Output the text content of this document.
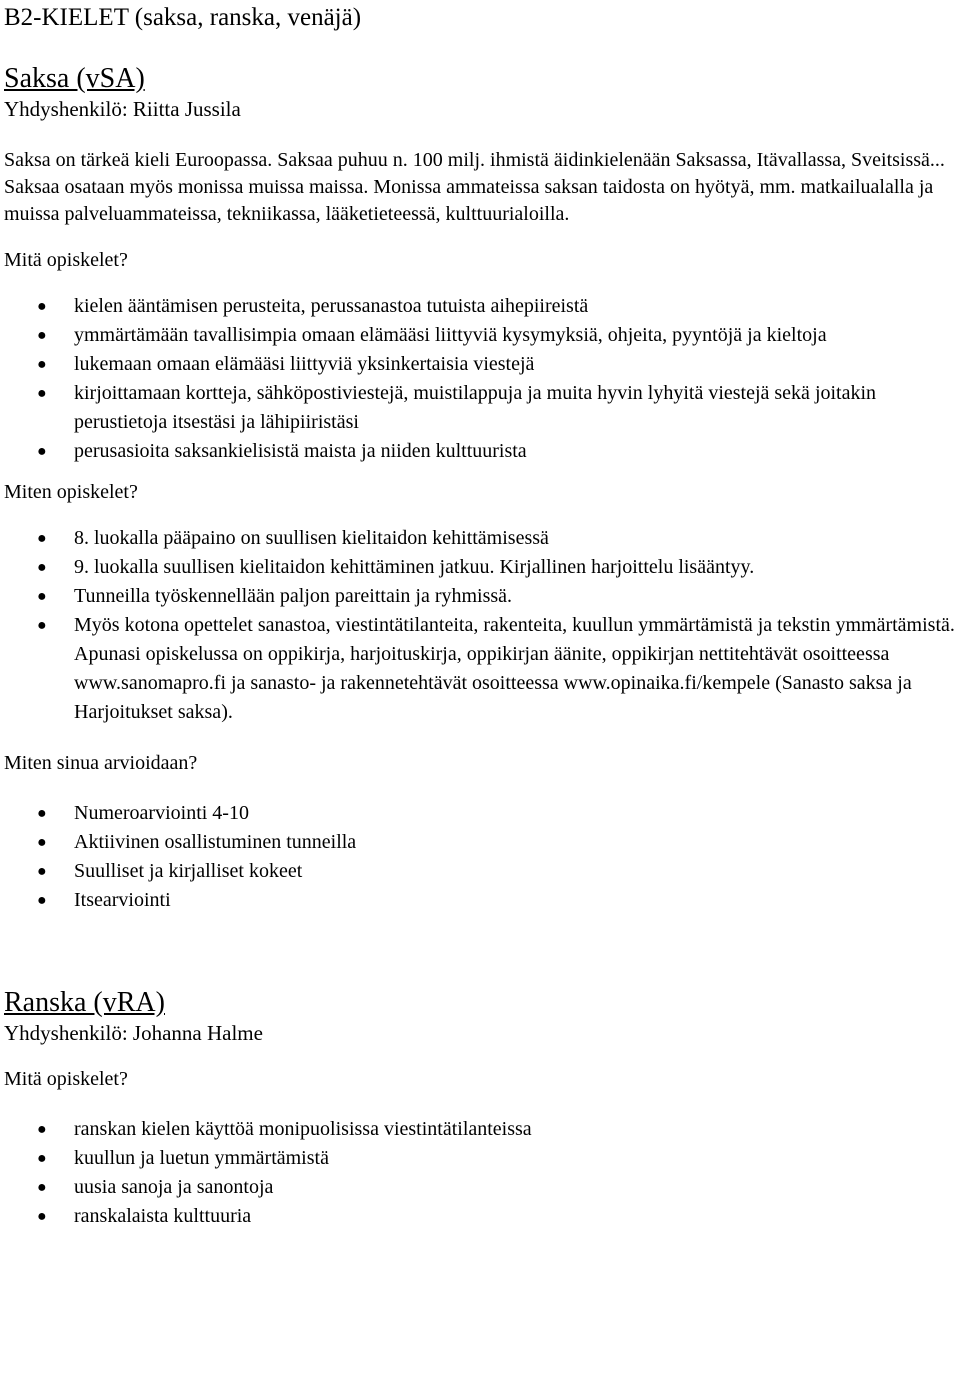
B2-KIELET (saksa, ranska, venäjä)
Saksa (vSA)

Yhdyshenkilö: Riitta Jussila

Saksa on tärkeä kieli Euroopassa. Saksaa puhuu n. 100 milj. ihmistä äidinkielenään Saksassa, Itävallassa, Sveitsissä... Saksaa osataan myös monissa muissa maissa. Monissa ammateissa saksan taidosta on hyötyä, mm. matkailualalla ja muissa palveluammateissa, tekniikassa, lääketieteessä, kulttuurialoilla.

Mitä opiskelet?

● kielen ääntämisen perusteita, perussanastoa tutuista aihepiireistä
● ymmärtämään tavallisimpia omaan elämääsi liittyviä kysymyksiä, ohjeita, pyyntöjä ja kieltoja
● lukemaan omaan elämääsi liittyviä yksinkertaisia viestejä
● kirjoittamaan kortteja, sähköpostiviestejä, muistilappuja ja muita hyvin lyhyitä viestejä sekä joitakin perustietoja itsestäsi ja lähipiiristäsi
● perusasioita saksankielisistä maista ja niiden kulttuurista

Miten opiskelet?

● 8. luokalla pääpaino on suullisen kielitaidon kehittämisessä
● 9. luokalla suullisen kielitaidon kehittäminen jatkuu. Kirjallinen harjoittelu lisääntyy.
● Tunneilla työskennellään paljon pareittain ja ryhmissä.
● Myös kotona opettelet sanastoa, viestintätilanteita, rakenteita, kuullun ymmärtämistä ja tekstin ymmärtämistä. Apunasi opiskelussa on oppikirja, harjoituskirja, oppikirjan äänite, oppikirjan nettitehtävät osoitteessa www.sanomapro.fi ja sanasto- ja rakennetehtävät osoitteessa www.opinaika.fi/kempele (Sanasto saksa ja Harjoitukset saksa).

Miten sinua arvioidaan?

● Numeroarviointi 4-10
● Aktiivinen osallistuminen tunneilla
● Suulliset ja kirjalliset kokeet
● Itsearviointi
Ranska (vRA)

Yhdyshenkilö: Johanna Halme

Mitä opiskelet?

● ranskan kielen käyttöä monipuolisissa viestintätilanteissa
● kuullun ja luetun ymmärtämistä
● uusia sanoja ja sanontoja
● ranskalaista kulttuuria
